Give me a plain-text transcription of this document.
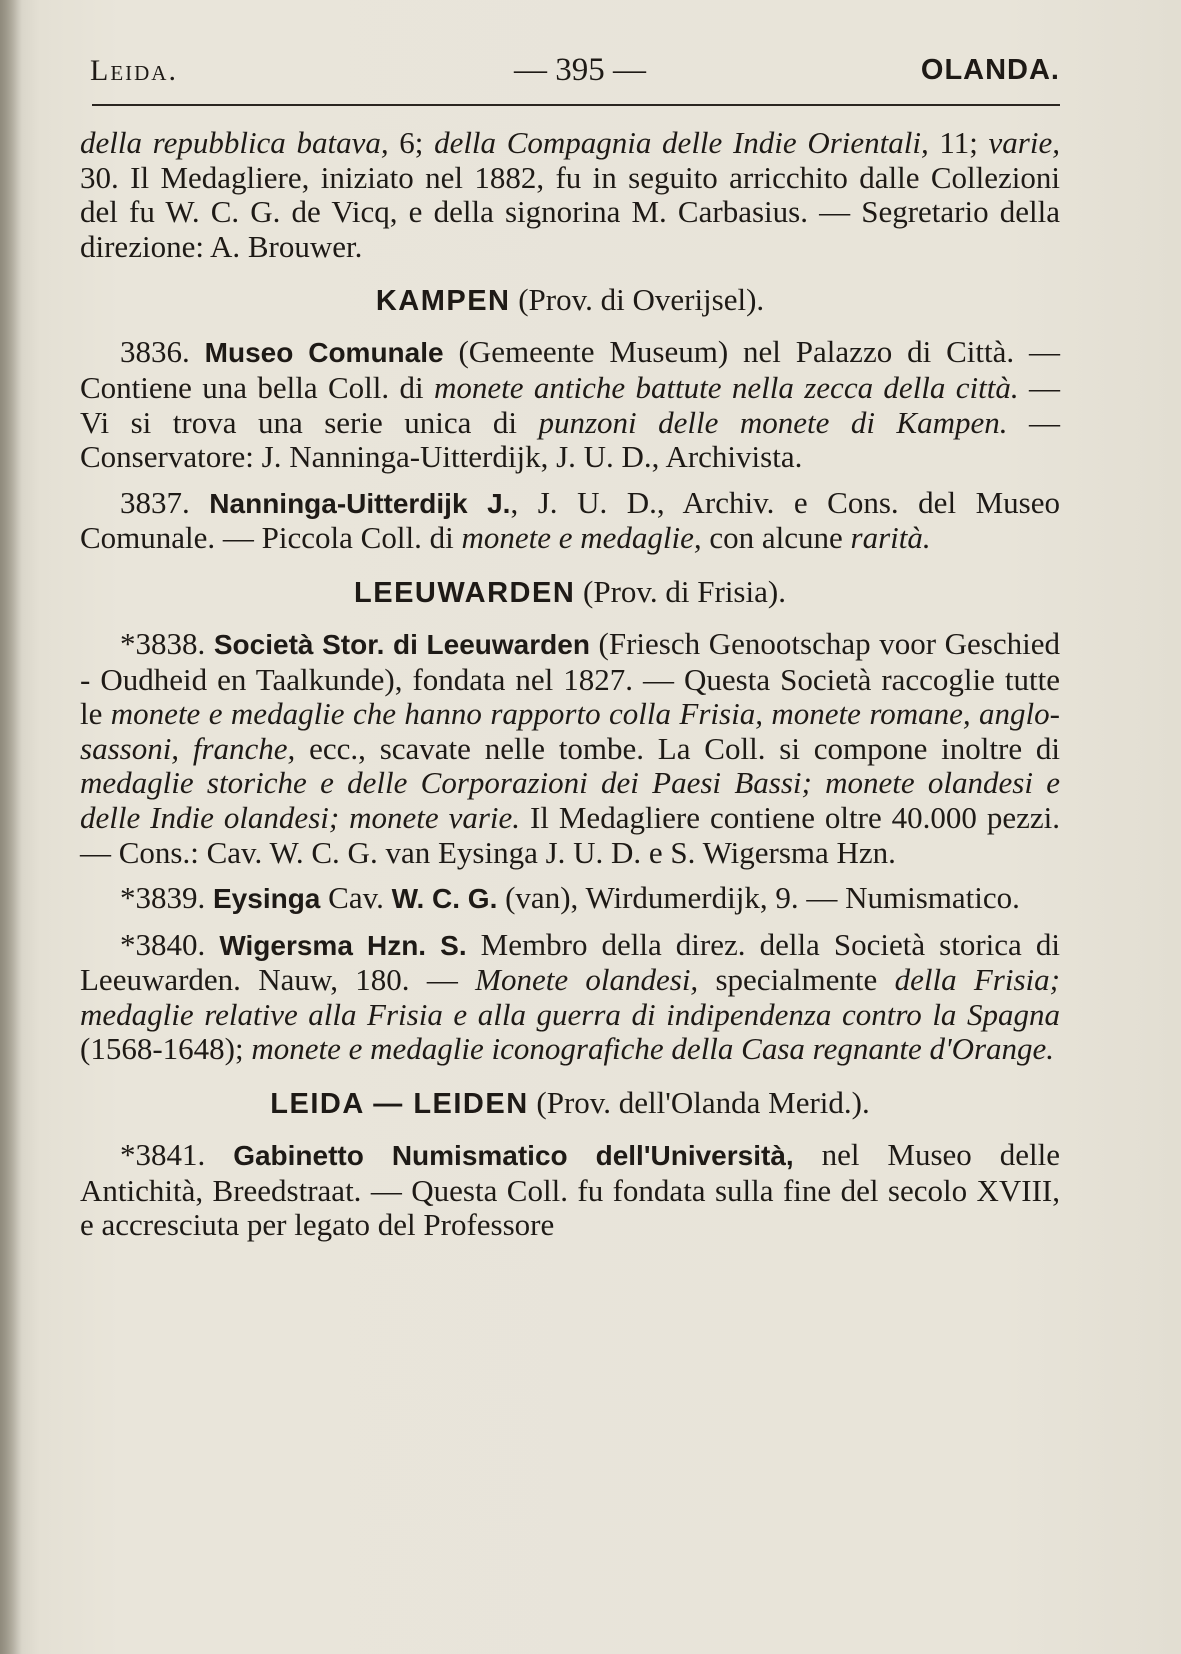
Leida.	— 395 —	OLANDA.

della repubblica batava, 6; della Compagnia delle Indie Orientali, 11; varie, 30. Il Medagliere, iniziato nel 1882, fu in seguito arricchito dalle Collezioni del fu W. C. G. de Vicq, e della signorina M. Carbasius. — Segretario della direzione: A. Brouwer.

KAMPEN (Prov. di Overijsel).

3836. Museo Comunale (Gemeente Museum) nel Palazzo di Città. — Contiene una bella Coll. di monete antiche battute nella zecca della città. — Vi si trova una serie unica di punzoni delle monete di Kampen. — Conservatore: J. Nanninga-Uitterdijk, J. U. D., Archivista.

3837. Nanninga-Uitterdijk J., J. U. D., Archiv. e Cons. del Museo Comunale. — Piccola Coll. di monete e medaglie, con alcune rarità.

LEEUWARDEN (Prov. di Frisia).

*3838. Società Stor. di Leeuwarden (Friesch Genootschap voor Geschied - Oudheid en Taalkunde), fondata nel 1827. — Questa Società raccoglie tutte le monete e medaglie che hanno rapporto colla Frisia, monete romane, anglo-sassoni, franche, ecc., scavate nelle tombe. La Coll. si compone inoltre di medaglie storiche e delle Corporazioni dei Paesi Bassi; monete olandesi e delle Indie olandesi; monete varie. Il Medagliere contiene oltre 40.000 pezzi. — Cons.: Cav. W. C. G. van Eysinga J. U. D. e S. Wigersma Hzn.

*3839. Eysinga Cav. W. C. G. (van), Wirdumerdijk, 9. — Numismatico.

*3840. Wigersma Hzn. S. Membro della direz. della Società storica di Leeuwarden. Nauw, 180. — Monete olandesi, specialmente della Frisia; medaglie relative alla Frisia e alla guerra di indipendenza contro la Spagna (1568-1648); monete e medaglie iconografiche della Casa regnante d'Orange.

LEIDA — LEIDEN (Prov. dell'Olanda Merid.).

*3841. Gabinetto Numismatico dell'Università, nel Museo delle Antichità, Breedstraat. — Questa Coll. fu fondata sulla fine del secolo XVIII, e accresciuta per legato del Professore
